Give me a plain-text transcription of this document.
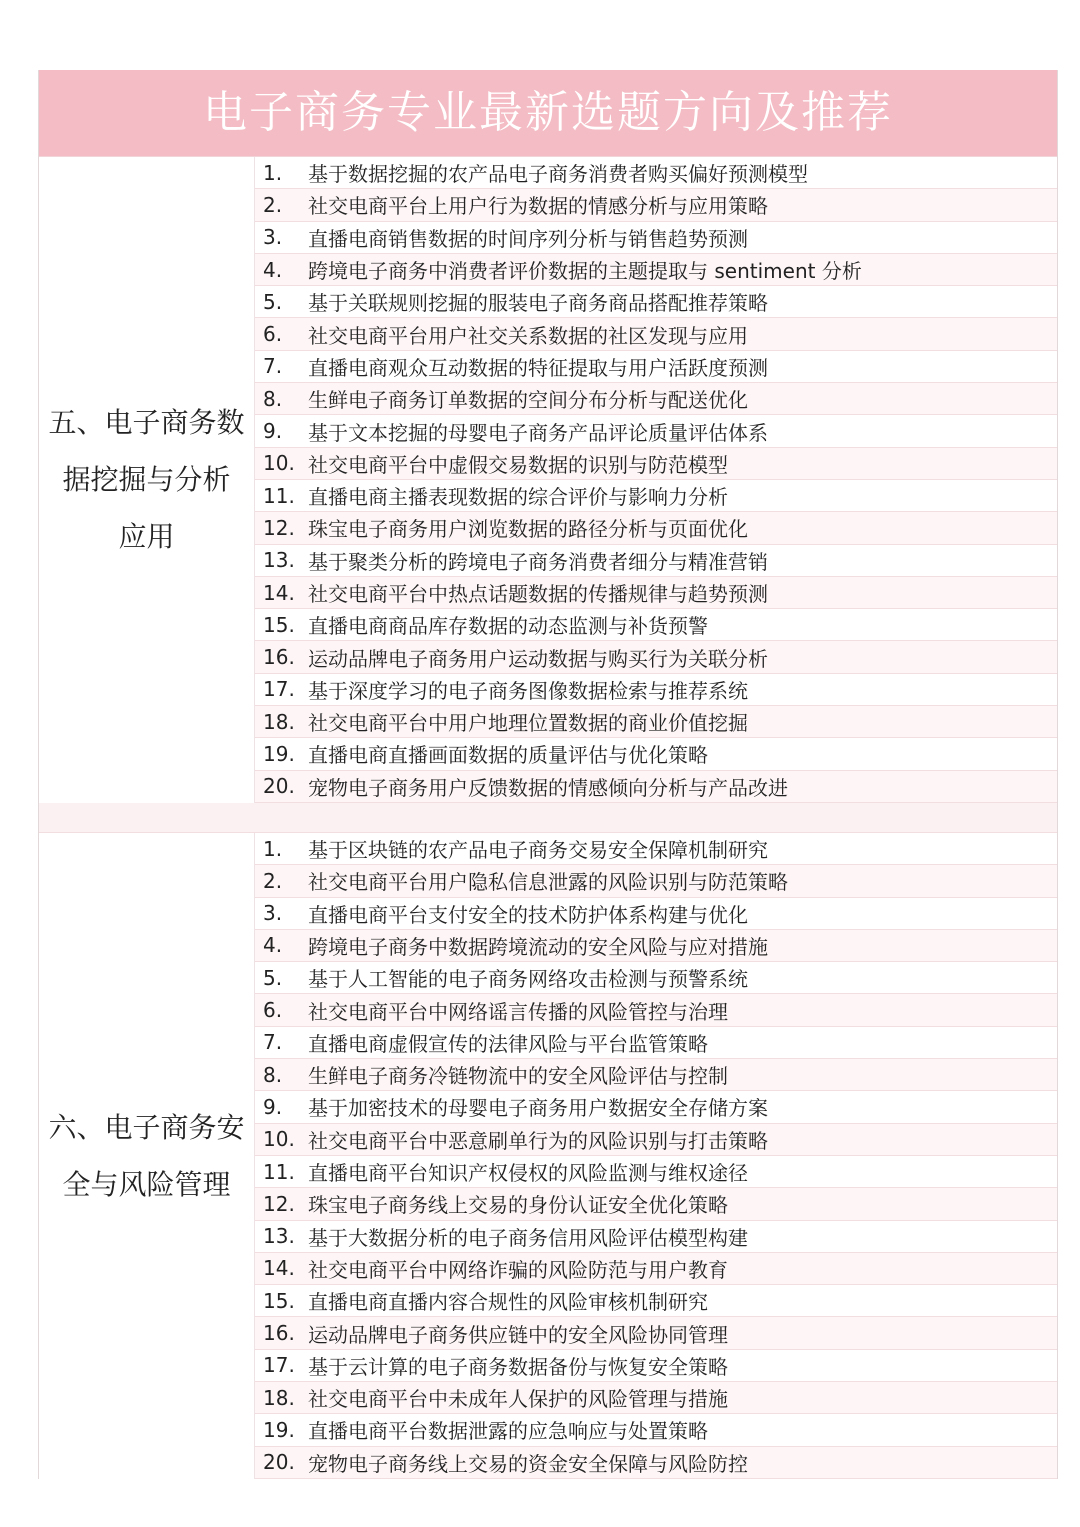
电子商务专业最新选题方向及推荐
五、电子商务数
据挖掘与分析
应用
1.	基于数据挖掘的农产品电子商务消费者购买偏好预测模型
2.	社交电商平台上用户行为数据的情感分析与应用策略
3.	直播电商销售数据的时间序列分析与销售趋势预测
4.	跨境电子商务中消费者评价数据的主题提取与 sentiment 分析
5.	基于关联规则挖掘的服装电子商务商品搭配推荐策略
6.	社交电商平台用户社交关系数据的社区发现与应用
7.	直播电商观众互动数据的特征提取与用户活跃度预测
8.	生鲜电子商务订单数据的空间分布分析与配送优化
9.	基于文本挖掘的母婴电子商务产品评论质量评估体系
10. 社交电商平台中虚假交易数据的识别与防范模型
11. 直播电商主播表现数据的综合评价与影响力分析
12. 珠宝电子商务用户浏览数据的路径分析与页面优化
13. 基于聚类分析的跨境电子商务消费者细分与精准营销
14. 社交电商平台中热点话题数据的传播规律与趋势预测
15. 直播电商商品库存数据的动态监测与补货预警
16. 运动品牌电子商务用户运动数据与购买行为关联分析
17. 基于深度学习的电子商务图像数据检索与推荐系统
18. 社交电商平台中用户地理位置数据的商业价值挖掘
19. 直播电商直播画面数据的质量评估与优化策略
20. 宠物电子商务用户反馈数据的情感倾向分析与产品改进
六、电子商务安
全与风险管理
1.	基于区块链的农产品电子商务交易安全保障机制研究
2.	社交电商平台用户隐私信息泄露的风险识别与防范策略
3.	直播电商平台支付安全的技术防护体系构建与优化
4.	跨境电子商务中数据跨境流动的安全风险与应对措施
5.	基于人工智能的电子商务网络攻击检测与预警系统
6.	社交电商平台中网络谣言传播的风险管控与治理
7.	直播电商虚假宣传的法律风险与平台监管策略
8.	生鲜电子商务冷链物流中的安全风险评估与控制
9.	基于加密技术的母婴电子商务用户数据安全存储方案
10. 社交电商平台中恶意刷单行为的风险识别与打击策略
11. 直播电商平台知识产权侵权的风险监测与维权途径
12. 珠宝电子商务线上交易的身份认证安全优化策略
13. 基于大数据分析的电子商务信用风险评估模型构建
14. 社交电商平台中网络诈骗的风险防范与用户教育
15. 直播电商直播内容合规性的风险审核机制研究
16. 运动品牌电子商务供应链中的安全风险协同管理
17. 基于云计算的电子商务数据备份与恢复安全策略
18. 社交电商平台中未成年人保护的风险管理与措施
19. 直播电商平台数据泄露的应急响应与处置策略
20. 宠物电子商务线上交易的资金安全保障与风险防控
